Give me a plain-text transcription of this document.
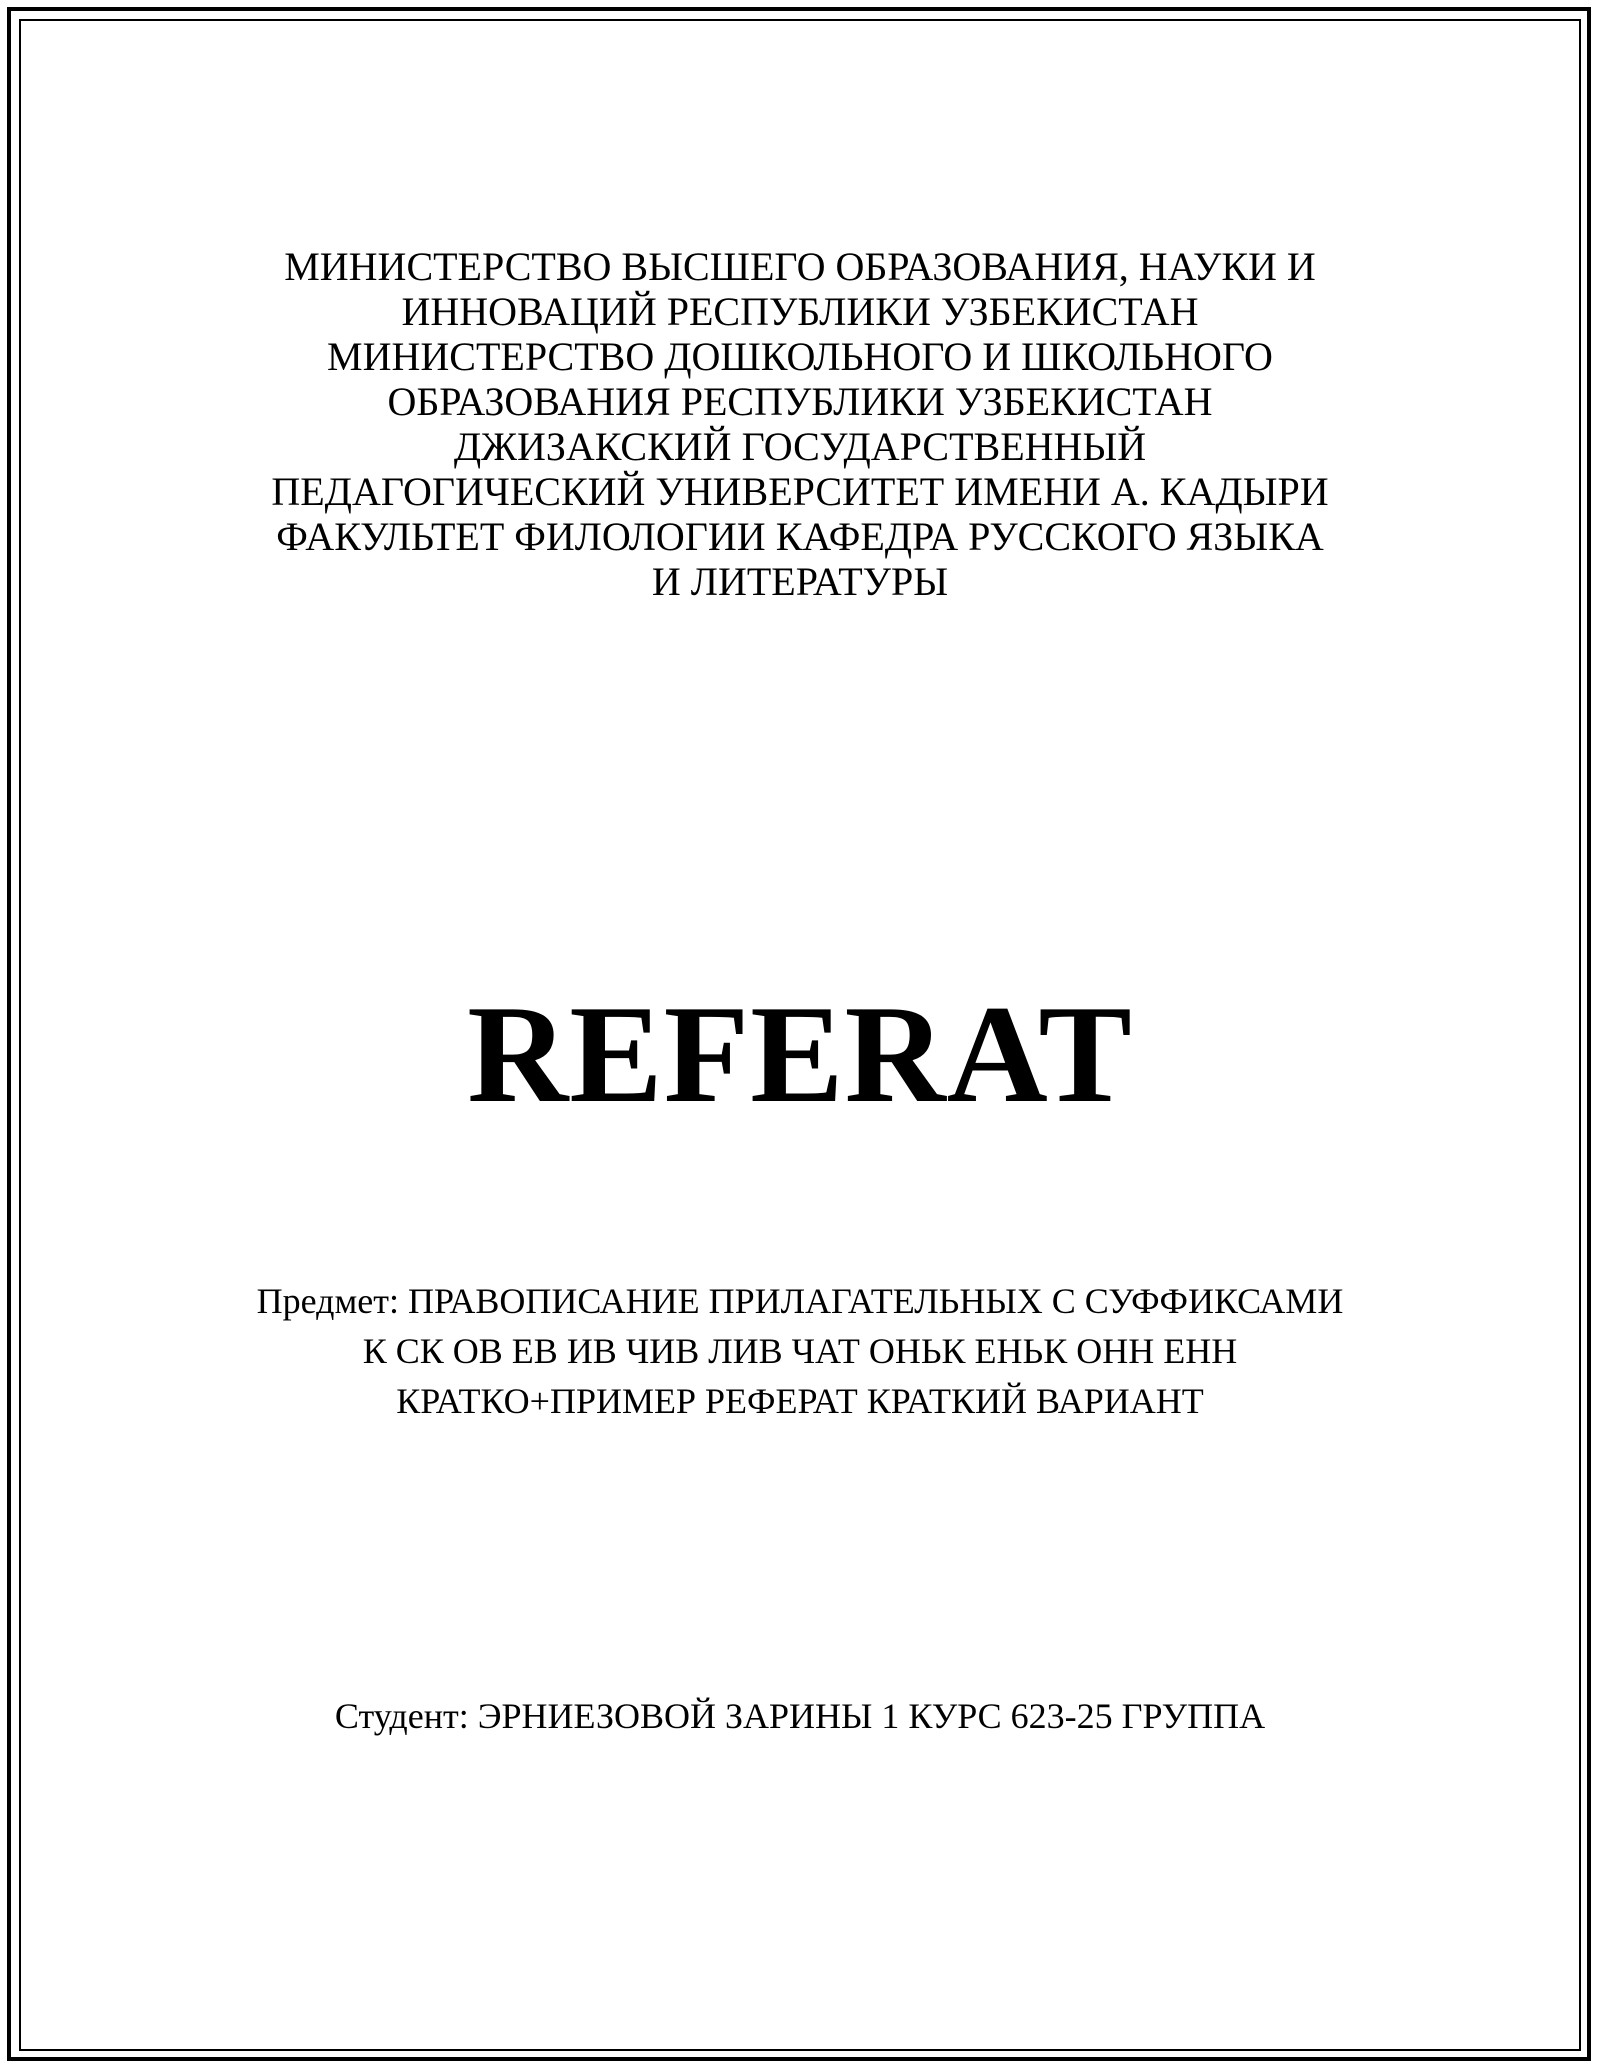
МИНИСТЕРСТВО ВЫСШЕГО ОБРАЗОВАНИЯ, НАУКИ И
ИННОВАЦИЙ РЕСПУБЛИКИ УЗБЕКИСТАН
МИНИСТЕРСТВО ДОШКОЛЬНОГО И ШКОЛЬНОГО
ОБРАЗОВАНИЯ РЕСПУБЛИКИ УЗБЕКИСТАН
ДЖИЗАКСКИЙ ГОСУДАРСТВЕННЫЙ
ПЕДАГОГИЧЕСКИЙ УНИВЕРСИТЕТ ИМЕНИ А. КАДЫРИ
ФАКУЛЬТЕТ ФИЛОЛОГИИ КАФЕДРА РУССКОГО ЯЗЫКА
И ЛИТЕРАТУРЫ
REFERAT
Предмет: ПРАВОПИСАНИЕ ПРИЛАГАТЕЛЬНЫХ С СУФФИКСАМИ
К СК ОВ ЕВ ИВ ЧИВ ЛИВ ЧАТ ОНЬК ЕНЬК ОНН ЕНН
КРАТКО+ПРИМЕР РЕФЕРАТ КРАТКИЙ ВАРИАНТ
Студент: ЭРНИЕЗОВОЙ ЗАРИНЫ 1 КУРС 623-25 ГРУППА
